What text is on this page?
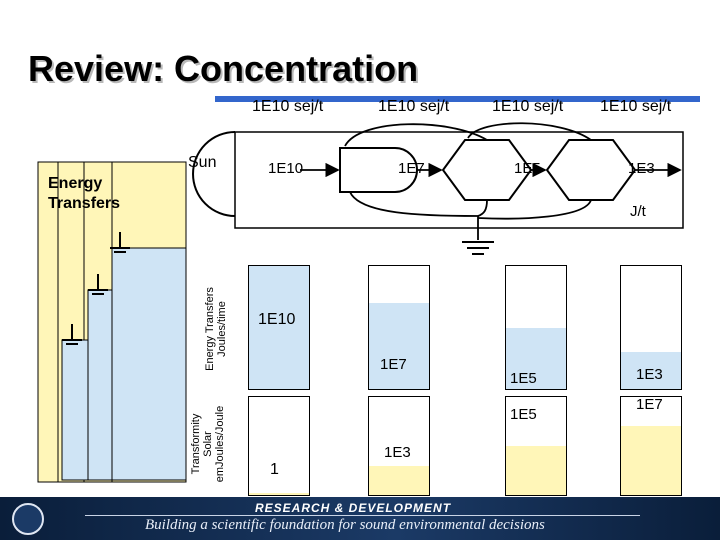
Review: Concentration
Energy
Transfers
1E10 sej/t	1E10 sej/t	1E10 sej/t 1E10 sej/t
Sun	1E10	1E7	1E5	1E3
J/t
Energy Transfers Joules/time
Transformity Solar emJoules/Joule
1E10
1E7
1E5	1E3
1
1E3
1E5
1E7
RESEARCH & DEVELOPMENT
Building a scientific foundation for sound environmental decisions
